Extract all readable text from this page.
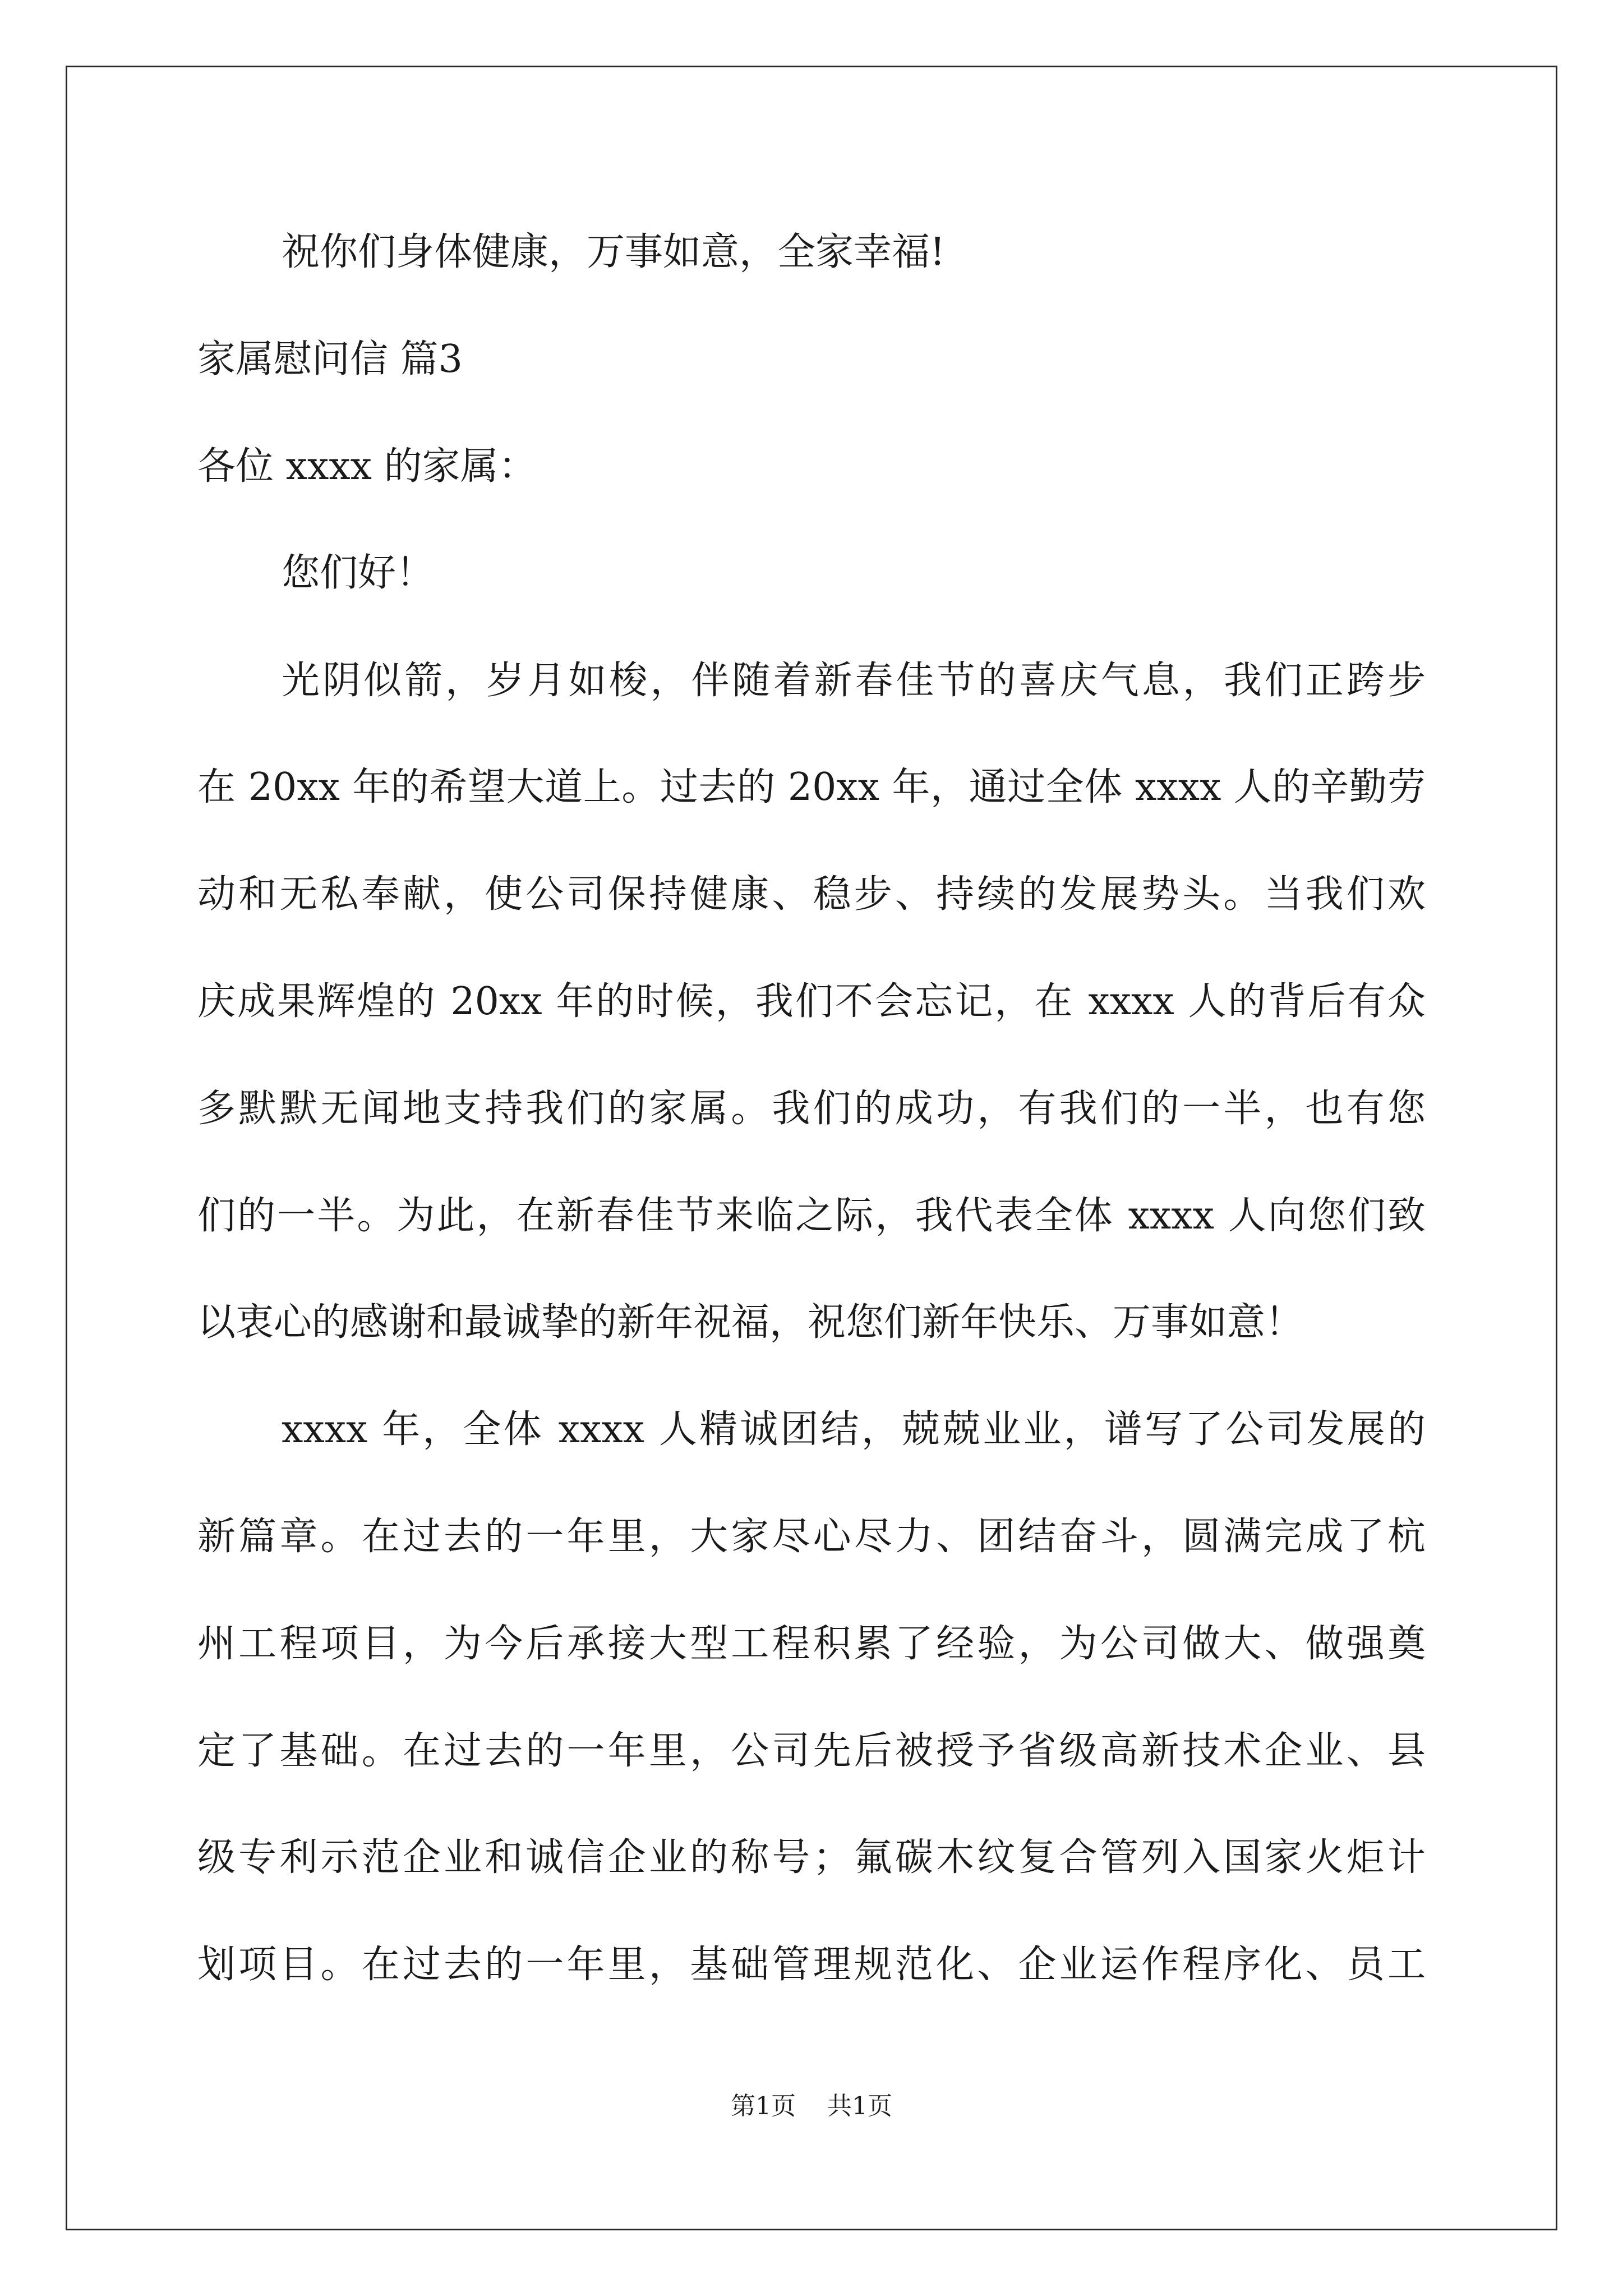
祝你们身体健康，万事如意，全家幸福!
家属慰问信 篇3
各位 xxxx 的家属：
您们好！
光阴似箭，岁月如梭，伴随着新春佳节的喜庆气息，我们正跨步
在 20xx 年的希望大道上。过去的 20xx 年，通过全体 xxxx 人的辛勤劳
动和无私奉献，使公司保持健康、稳步、持续的发展势头。当我们欢
庆成果辉煌的 20xx 年的时候，我们不会忘记，在 xxxx 人的背后有众
多默默无闻地支持我们的家属。我们的成功，有我们的一半，也有您
们的一半。为此，在新春佳节来临之际，我代表全体 xxxx 人向您们致
以衷心的感谢和最诚挚的新年祝福，祝您们新年快乐、万事如意！
xxxx 年，全体 xxxx 人精诚团结，兢兢业业，谱写了公司发展的
新篇章。在过去的一年里，大家尽心尽力、团结奋斗，圆满完成了杭
州工程项目，为今后承接大型工程积累了经验，为公司做大、做强奠
定了基础。在过去的一年里，公司先后被授予省级高新技术企业、县
级专利示范企业和诚信企业的称号；氟碳木纹复合管列入国家火炬计
划项目。在过去的一年里，基础管理规范化、企业运作程序化、员工
第1页    共1页
